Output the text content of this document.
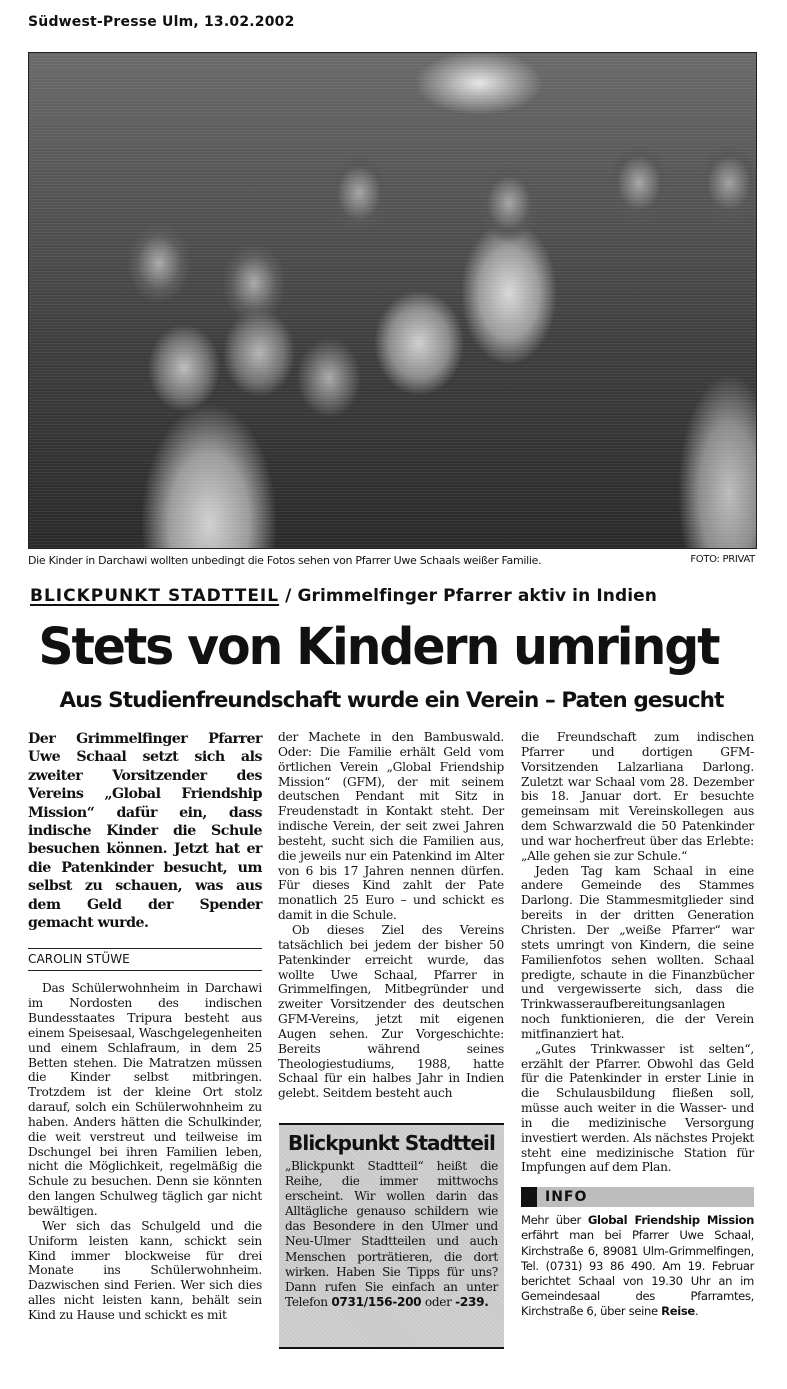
Südwest-Presse Ulm, 13.02.2002
Die Kinder in Darchawi wollten unbedingt die Fotos sehen von Pfarrer Uwe Schaals weißer Familie.	FOTO: PRIVAT
BLICKPUNKT STADTTEIL / Grimmelfinger Pfarrer aktiv in Indien
Stets von Kindern umringt
Aus Studienfreundschaft wurde ein Verein – Paten gesucht
Der Grimmelfinger Pfarrer Uwe Schaal setzt sich als zweiter Vorsitzender des Vereins „Global Friendship Mission“ dafür ein, dass indische Kinder die Schule besuchen können. Jetzt hat er die Patenkinder besucht, um selbst zu schauen, was aus dem Geld der Spender gemacht wurde.
CAROLIN STÜWE

Das Schülerwohnheim in Darchawi im Nordosten des indischen Bundesstaates Tripura besteht aus einem Speisesaal, Waschgelegenheiten und einem Schlafraum, in dem 25 Betten stehen. Die Matratzen müssen die Kinder selbst mitbringen. Trotzdem ist der kleine Ort stolz darauf, solch ein Schülerwohnheim zu haben. Anders hätten die Schulkinder, die weit verstreut und teilweise im Dschungel bei ihren Familien leben, nicht die Möglichkeit, regelmäßig die Schule zu besuchen. Denn sie könnten den langen Schulweg täglich gar nicht bewältigen.

Wer sich das Schulgeld und die Uniform leisten kann, schickt sein Kind immer blockweise für drei Monate ins Schülerwohnheim. Dazwischen sind Ferien. Wer sich dies alles nicht leisten kann, behält sein Kind zu Hause und schickt es mit

der Machete in den Bambuswald. Oder: Die Familie erhält Geld vom örtlichen Verein „Global Friendship Mission“ (GFM), der mit seinem deutschen Pendant mit Sitz in Freudenstadt in Kontakt steht. Der indische Verein, der seit zwei Jahren besteht, sucht sich die Familien aus, die jeweils nur ein Patenkind im Alter von 6 bis 17 Jahren nennen dürfen. Für dieses Kind zahlt der Pate monatlich 25 Euro – und schickt es damit in die Schule.

Ob dieses Ziel des Vereins tatsächlich bei jedem der bisher 50 Patenkinder erreicht wurde, das wollte Uwe Schaal, Pfarrer in Grimmelfingen, Mitbegründer und zweiter Vorsitzender des deutschen GFM-Vereins, jetzt mit eigenen Augen sehen. Zur Vorgeschichte: Bereits während seines Theologiestudiums, 1988, hatte Schaal für ein halbes Jahr in Indien gelebt. Seitdem besteht auch

Blickpunkt Stadtteil
„Blickpunkt Stadtteil“ heißt die Reihe, die immer mittwochs erscheint. Wir wollen darin das Alltägliche genauso schildern wie das Besondere in den Ulmer und Neu-Ulmer Stadtteilen und auch Menschen porträtieren, die dort wirken. Haben Sie Tipps für uns? Dann rufen Sie einfach an unter Telefon 0731/156-200 oder -239.

die Freundschaft zum indischen Pfarrer und dortigen GFM-Vorsitzenden Lalzarliana Darlong. Zuletzt war Schaal vom 28. Dezember bis 18. Januar dort. Er besuchte gemeinsam mit Vereinskollegen aus dem Schwarzwald die 50 Patenkinder und war hocherfreut über das Erlebte: „Alle gehen sie zur Schule.“

Jeden Tag kam Schaal in eine andere Gemeinde des Stammes Darlong. Die Stammesmitglieder sind bereits in der dritten Generation Christen. Der „weiße Pfarrer“ war stets umringt von Kindern, die seine Familienfotos sehen wollten. Schaal predigte, schaute in die Finanzbücher und vergewisserte sich, dass die Trinkwasseraufbereitungsanlagen noch funktionieren, die der Verein mitfinanziert hat.

„Gutes Trinkwasser ist selten“, erzählt der Pfarrer. Obwohl das Geld für die Patenkinder in erster Linie in die Schulausbildung fließen soll, müsse auch weiter in die Wasser- und in die medizinische Versorgung investiert werden. Als nächstes Projekt steht eine medizinische Station für Impfungen auf dem Plan.

INFO
Mehr über Global Friendship Mission erfährt man bei Pfarrer Uwe Schaal, Kirchstraße 6, 89081 Ulm-Grimmelfingen, Tel. (0731) 93 86 490. Am 19. Februar berichtet Schaal von 19.30 Uhr an im Gemeindesaal des Pfarramtes, Kirchstraße 6, über seine Reise.
